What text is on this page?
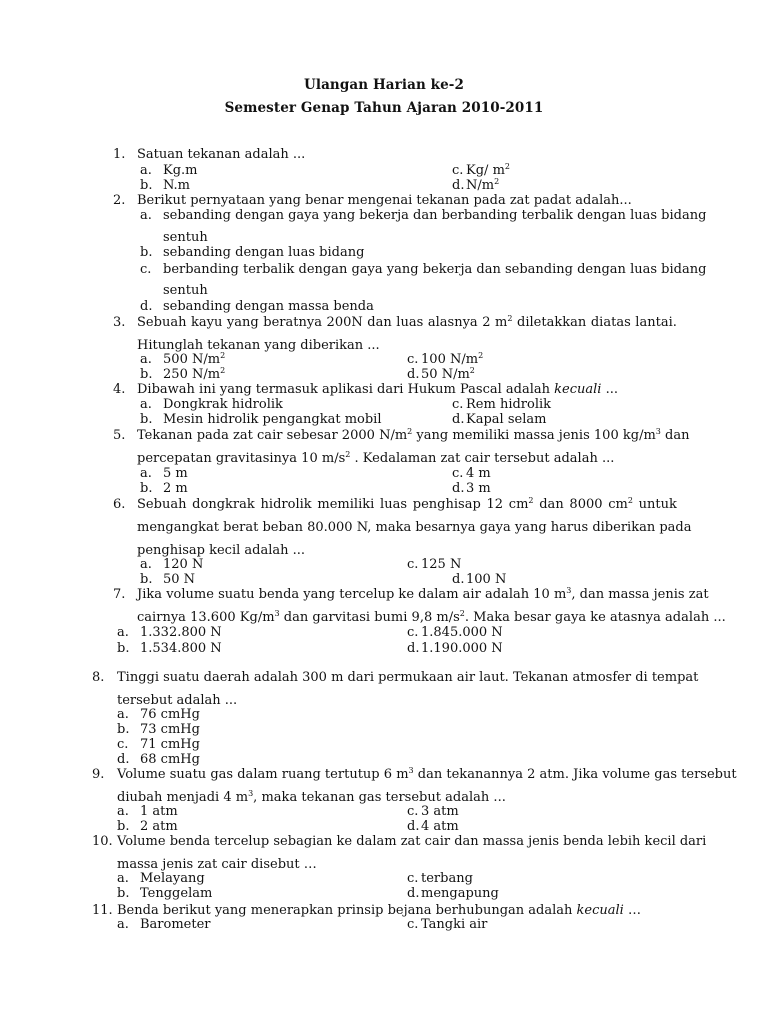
Ulangan Harian ke-2
Semester Genap Tahun Ajaran 2010-2011
1. Satuan tekanan adalah ...
a. Kg.m	c. Kg/ $m^2$
b. N.m	d. $N/m^2$
2. Berikut pernyataan yang benar mengenai tekanan pada zat padat adalah...
a. sebanding dengan gaya yang bekerja dan berbanding terbalik dengan luas bidang
sentuh
b. sebanding dengan luas bidang
c. berbanding terbalik dengan gaya yang bekerja dan sebanding dengan luas bidang
sentuh
d. sebanding dengan massa benda
3. Sebuah kayu yang beratnya 200N dan luas alasnya 2 $m^2$ diletakkan diatas lantai.
Hitunglah tekanan yang diberikan ...
a. 500 $N/m^2$	c. 100 $N/m^2$
b. 250 $N/m^2$	d. 50 $N/m^2$
4. Dibawah ini yang termasuk aplikasi dari Hukum Pascal adalah kecuali ...
a. Dongkrak hidrolik	c. Rem hidrolik
b. Mesin hidrolik pengangkat mobil	d. Kapal selam
5. Tekanan pada zat cair sebesar 2000 $N/m^2$ yang memiliki massa jenis 100 $kg/m^3$ dan
percepatan gravitasinya 10 $m/s^2$ . Kedalaman zat cair tersebut adalah ...
a. 5 m	c. 4 m
b. 2 m	d. 3 m
6. Sebuah dongkrak hidrolik memiliki luas penghisap 12 $cm^2$ dan 8000 $cm^2$ untuk
mengangkat berat beban 80.000 N, maka besarnya gaya yang harus diberikan pada
penghisap kecil adalah ...
a. 120 N	c. 125 N
b. 50 N	d. 100 N
7. Jika volume suatu benda yang tercelup ke dalam air adalah 10 $m^3$, dan massa jenis zat
cairnya 13.600 $Kg/m^3$ dan garvitasi bumi 9,8 $m/s^2$. Maka besar gaya ke atasnya adalah ...
a. 1.332.800 N	c. 1.845.000 N
b. 1.534.800 N	d. 1.190.000 N
8. Tinggi suatu daerah adalah 300 m dari permukaan air laut. Tekanan atmosfer di tempat
tersebut adalah ...
a. 76 cmHg
b. 73 cmHg
c. 71 cmHg
d. 68 cmHg
9. Volume suatu gas dalam ruang tertutup 6 $m^3$ dan tekanannya 2 atm. Jika volume gas tersebut
diubah menjadi 4 $m^3$, maka tekanan gas tersebut adalah ...
a. 1 atm	c. 3 atm
b. 2 atm	d. 4 atm
10. Volume benda tercelup sebagian ke dalam zat cair dan massa jenis benda lebih kecil dari
massa jenis zat cair disebut …
a. Melayang	c. terbang
b. Tenggelam	d. mengapung
11. Benda berikut yang menerapkan prinsip bejana berhubungan adalah kecuali …
a. Barometer	c. Tangki air
